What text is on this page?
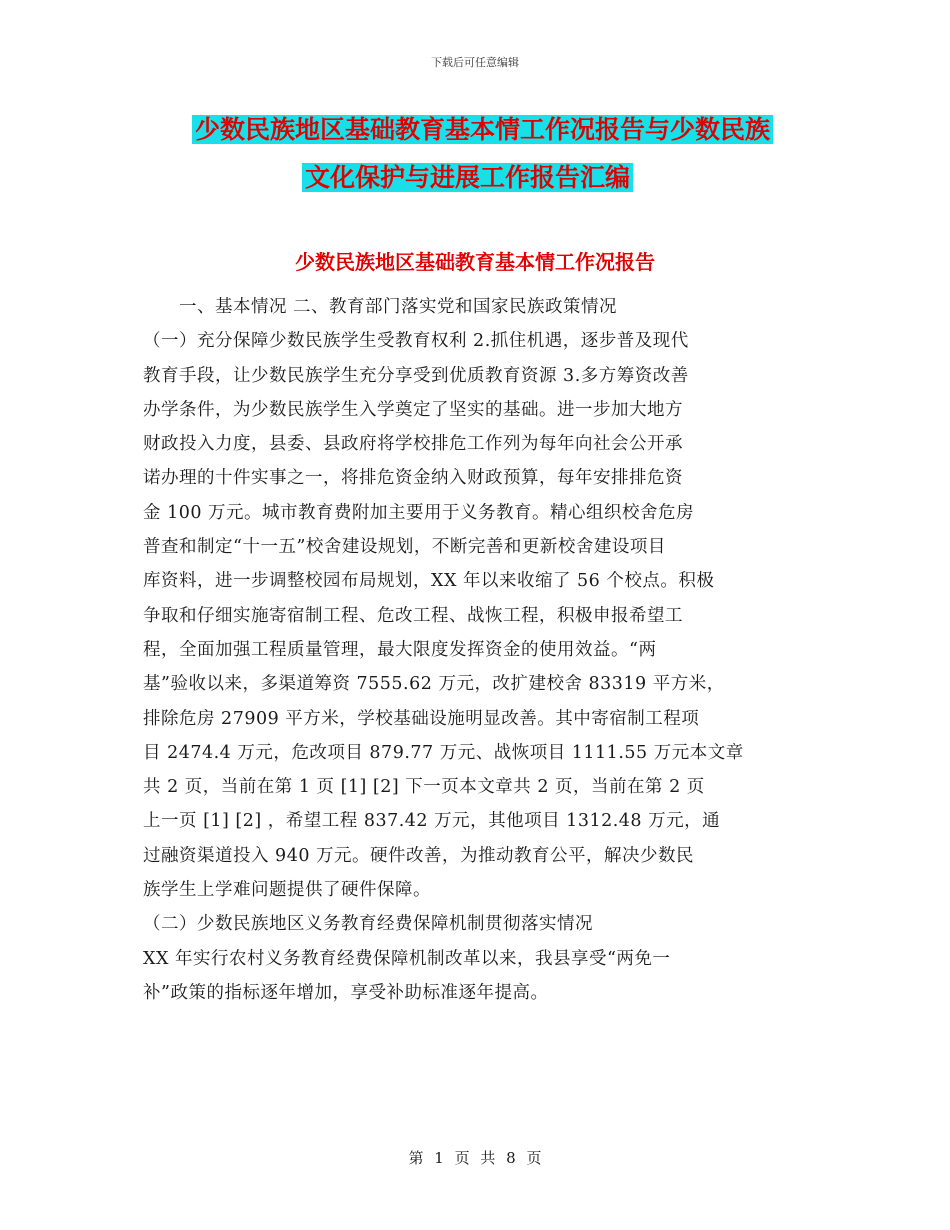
下载后可任意编辑
少数民族地区基础教育基本情工作况报告与少数民族
文化保护与进展工作报告汇编
少数民族地区基础教育基本情工作况报告

　　一、基本情况 二、教育部门落实党和国家民族政策情况

（一）充分保障少数民族学生受教育权利 2.抓住机遇，逐步普及现代

教育手段，让少数民族学生充分享受到优质教育资源 3.多方筹资改善

办学条件，为少数民族学生入学奠定了坚实的基础。进一步加大地方

财政投入力度，县委、县政府将学校排危工作列为每年向社会公开承

诺办理的十件实事之一，将排危资金纳入财政预算，每年安排排危资

金 100 万元。城市教育费附加主要用于义务教育。精心组织校舍危房

普查和制定“十一五”校舍建设规划，不断完善和更新校舍建设项目

库资料，进一步调整校园布局规划，XX 年以来收缩了 56 个校点。积极

争取和仔细实施寄宿制工程、危改工程、战恢工程，积极申报希望工

程，全面加强工程质量管理，最大限度发挥资金的使用效益。“两

基”验收以来，多渠道筹资 7555.62 万元，改扩建校舍 83319 平方米，

排除危房 27909 平方米，学校基础设施明显改善。其中寄宿制工程项

目 2474.4 万元，危改项目 879.77 万元、战恢项目 1111.55 万元本文章

共 2 页，当前在第 1 页 [1] [2] 下一页本文章共 2 页，当前在第 2 页

上一页 [1] [2] ，希望工程 837.42 万元，其他项目 1312.48 万元，通

过融资渠道投入 940 万元。硬件改善，为推动教育公平，解决少数民

族学生上学难问题提供了硬件保障。

（二）少数民族地区义务教育经费保障机制贯彻落实情况

XX 年实行农村义务教育经费保障机制改革以来，我县享受“两免一

补”政策的指标逐年增加，享受补助标准逐年提高。

第 1 页 共 8 页
